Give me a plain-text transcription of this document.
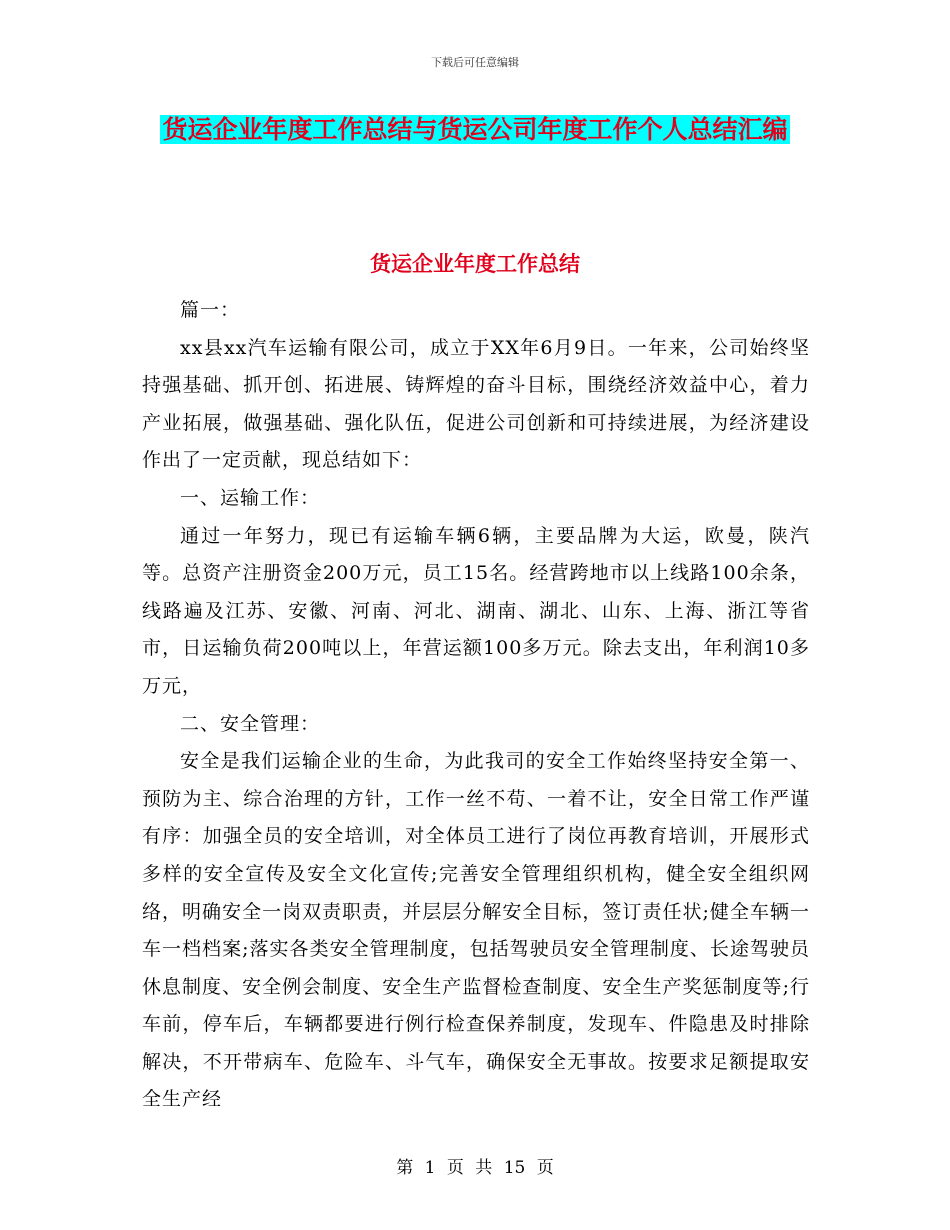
下载后可任意编辑
货运企业年度工作总结与货运公司年度工作个人总结汇编
货运企业年度工作总结

篇一：

xx县xx汽车运输有限公司，成立于XX年6月9日。一年来，公司始终坚持强基础、抓开创、拓进展、铸辉煌的奋斗目标，围绕经济效益中心，着力产业拓展，做强基础、强化队伍，促进公司创新和可持续进展，为经济建设作出了一定贡献，现总结如下：

一、运输工作：

通过一年努力，现已有运输车辆6辆，主要品牌为大运，欧曼，陕汽等。总资产注册资金200万元，员工15名。经营跨地市以上线路100余条，线路遍及江苏、安徽、河南、河北、湖南、湖北、山东、上海、浙江等省市，日运输负荷200吨以上，年营运额100多万元。除去支出，年利润10多万元，

二、安全管理：

安全是我们运输企业的生命，为此我司的安全工作始终坚持安全第一、预防为主、综合治理的方针，工作一丝不苟、一着不让，安全日常工作严谨有序：加强全员的安全培训，对全体员工进行了岗位再教育培训，开展形式多样的安全宣传及安全文化宣传;完善安全管理组织机构，健全安全组织网络，明确安全一岗双责职责，并层层分解安全目标，签订责任状;健全车辆一车一档档案;落实各类安全管理制度，包括驾驶员安全管理制度、长途驾驶员休息制度、安全例会制度、安全生产监督检查制度、安全生产奖惩制度等;行车前，停车后，车辆都要进行例行检查保养制度，发现车、件隐患及时排除解决，不开带病车、危险车、斗气车，确保安全无事故。按要求足额提取安全生产经

第 1 页 共 15 页
